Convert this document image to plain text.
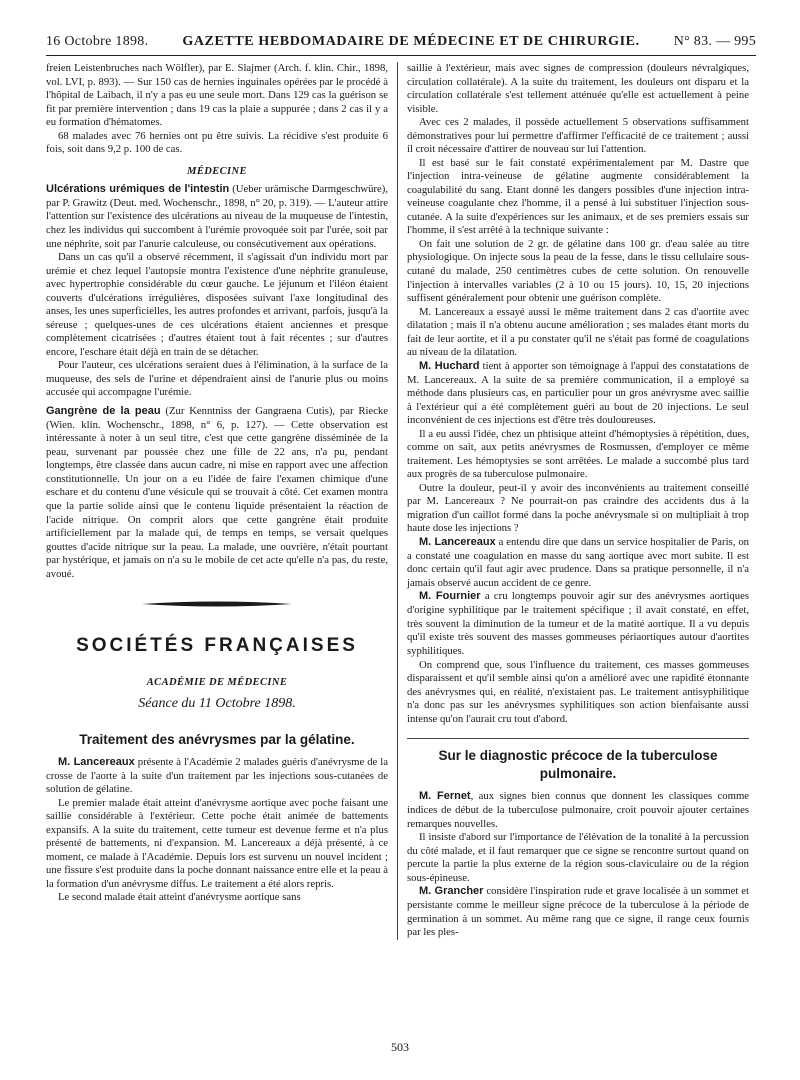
16 Octobre 1898. GAZETTE HEBDOMADAIRE DE MÉDECINE ET DE CHIRURGIE. N° 83. — 995

freien Leistenbruches nach Wölfler), par E. Slajmer (Arch. f. klin. Chir., 1898, vol. LVI, p. 893). — Sur 150 cas de hernies inguinales opérées par le procédé à l'hôpital de Laibach, il n'y a pas eu une seule mort. Dans 129 cas la guérison se fit par première intervention ; dans 19 cas la plaie a suppurée ; dans 2 cas il y a eu formation d'hématomes.

68 malades avec 76 hernies ont pu être suivis. La récidive s'est produite 6 fois, soit dans 9,2 p. 100 de cas.

MÉDECINE

Ulcérations urémiques de l'intestin (Ueber urämische Darmgeschwüre), par P. Grawitz (Deut. med. Wochenschr., 1898, n° 20, p. 319). — L'auteur attire l'attention sur l'existence des ulcérations au niveau de la muqueuse de l'intestin, chez les individus qui succombent à l'urémie provoquée soit par l'urée, soit par une néphrite, soit par l'anurie calculeuse, ou consécutivement aux opérations.

Dans un cas qu'il a observé récemment, il s'agissait d'un individu mort par urémie et chez lequel l'autopsie montra l'existence d'une néphrite granuleuse, avec hypertrophie considérable du cœur gauche. Le jéjunum et l'iléon étaient couverts d'ulcérations irrégulières, disposées suivant l'axe longitudinal des anses, les unes superficielles, les autres profondes et arrivant, parfois, jusqu'à la séreuse ; quelques-unes de ces ulcérations étaient anciennes et presque complètement cicatrisées ; d'autres étaient tout à fait récentes ; sur d'autres encore, l'eschare était déjà en train de se détacher.

Pour l'auteur, ces ulcérations seraient dues à l'élimination, à la surface de la muqueuse, des sels de l'urine et dépendraient ainsi de l'anurie plus ou moins accusée qui accompagne l'urémie.

Gangrène de la peau (Zur Kenntniss der Gangraena Cutis), par Riecke (Wien. klin. Wochenschr., 1898, n° 6, p. 127). — Cette observation est intéressante à noter à un seul titre, c'est que cette gangrène disséminée de la peau, survenant par poussée chez une fille de 22 ans, n'a pu, pendant longtemps, être classée dans aucun cadre, ni mise en rapport avec une affection constitutionnelle. Un jour on a eu l'idée de faire l'examen chimique d'une eschare et du contenu d'une vésicule qui se trouvait à côté. Cet examen montra que la partie solide ainsi que le contenu liquide présentaient la réaction de l'acide nitrique. On comprit alors que cette gangrène était produite artificiellement par la malade qui, de temps en temps, se versait quelques gouttes d'acide nitrique sur la peau. La malade, une ouvrière, n'était pourtant par hystérique, et jamais on n'a su le mobile de cet acte qu'elle n'a pas, du reste, avoué.

SOCIÉTÉS FRANÇAISES
ACADÉMIE DE MÉDECINE
Séance du 11 Octobre 1898.
Traitement des anévrysmes par la gélatine.

M. Lancereaux présente à l'Académie 2 malades guéris d'anévrysme de la crosse de l'aorte à la suite d'un traitement par les injections sous-cutanées de solution de gélatine.

Le premier malade était atteint d'anévrysme aortique avec poche faisant une saillie considérable à l'extérieur. Cette poche était animée de battements expansifs. A la suite du traitement, cette tumeur est devenue ferme et n'a plus présenté de battements, ni d'expansion. M. Lancereaux a déjà présenté, à ce moment, ce malade à l'Académie. Depuis lors est survenu un nouvel incident ; une fissure s'est produite dans la poche donnant naissance entre elle et la peau à la formation d'un anévrysme diffus. Le traitement a été alors repris.

Le second malade était atteint d'anévrysme aortique sans

saillie à l'extérieur, mais avec signes de compression (douleurs névralgiques, circulation collatérale). A la suite du traitement, les douleurs ont disparu et la circulation collatérale s'est tellement atténuée qu'elle est actuellement à peine visible.

Avec ces 2 malades, il possède actuellement 5 observations suffisamment démonstratives pour lui permettre d'affirmer l'efficacité de ce traitement ; aussi il croit nécessaire d'attirer de nouveau sur lui l'attention.

Il est basé sur le fait constaté expérimentalement par M. Dastre que l'injection intra-veineuse de gélatine augmente considérablement la coagulabilité du sang. Etant donné les dangers possibles d'une injection intra-veineuse coagulante chez l'homme, il a pensé à lui substituer l'injection sous-cutanée. A la suite d'expériences sur les animaux, et de ses premiers essais sur l'homme, il s'est arrêté à la technique suivante :

On fait une solution de 2 gr. de gélatine dans 100 gr. d'eau salée au titre physiologique. On injecte sous la peau de la fesse, dans le tissu cellulaire sous-cutané du malade, 250 centimètres cubes de cette solution. On renouvelle l'injection à intervalles variables (2 à 10 ou 15 jours). 10, 15, 20 injections suffisent généralement pour obtenir une guérison complète.

M. Lancereaux a essayé aussi le même traitement dans 2 cas d'aortite avec dilatation ; mais il n'a obtenu aucune amélioration ; ses malades étant morts du fait de leur aortite, et il a pu constater qu'il ne s'était pas formé de coagulations au niveau de la dilatation.

M. Huchard tient à apporter son témoignage à l'appui des constatations de M. Lancereaux. A la suite de sa première communication, il a employé sa méthode dans plusieurs cas, en particulier pour un gros anévrysme avec saillie à l'extérieur qui a été complètement guéri au bout de 20 injections. Le seul inconvénient de ces injections est d'être très douloureuses.

Il a eu aussi l'idée, chez un phtisique atteint d'hémoptysies à répétition, dues, comme on sait, aux petits anévrysmes de Rosmussen, d'employer ce même traitement. Les hémoptysies se sont arrêtées. Le malade a succombé plus tard aux progrès de sa tuberculose pulmonaire.

Outre la douleur, peut-il y avoir des inconvénients au traitement conseillé par M. Lancereaux ? Ne pourrait-on pas craindre des accidents dus à la migration d'un caillot formé dans la poche anévrysmale si on multipliait à trop haute dose les injections ?

M. Lancereaux a entendu dire que dans un service hospitalier de Paris, on a constaté une coagulation en masse du sang aortique avec mort subite. Il est donc certain qu'il faut agir avec prudence. Dans sa pratique personnelle, il n'a jamais observé aucun accident de ce genre.

M. Fournier a cru longtemps pouvoir agir sur des anévrysmes aortiques d'origine syphilitique par le traitement spécifique ; il avait constaté, en effet, très souvent la diminution de la tumeur et de la matité aortique. Il a vu depuis qu'il existe très souvent des masses gommeuses périaortiques autour d'aortites syphilitiques.

On comprend que, sous l'influence du traitement, ces masses gommeuses disparaissent et qu'il semble ainsi qu'on a amélioré avec une rapidité étonnante des anévrysmes qui, en réalité, n'existaient pas. Le traitement antisyphilitique n'a donc pas sur les anévrysmes syphilitiques son action bienfaisante aussi intense qu'on l'aurait cru tout d'abord.

Sur le diagnostic précoce de la tuberculose pulmonaire.

M. Fernet, aux signes bien connus que donnent les classiques comme indices de début de la tuberculose pulmonaire, croit pouvoir ajouter certaines remarques nouvelles.

Il insiste d'abord sur l'importance de l'élévation de la tonalité à la percussion du côté malade, et il faut remarquer que ce signe se rencontre surtout quand on percute la partie la plus externe de la région sous-claviculaire ou de la région sous-épineuse.

M. Grancher considère l'inspiration rude et grave localisée à un sommet et persistante comme le meilleur signe précoce de la tuberculose à la période de germination à un sommet. Au même rang que ce signe, il range ceux fournis par les ples-

503
